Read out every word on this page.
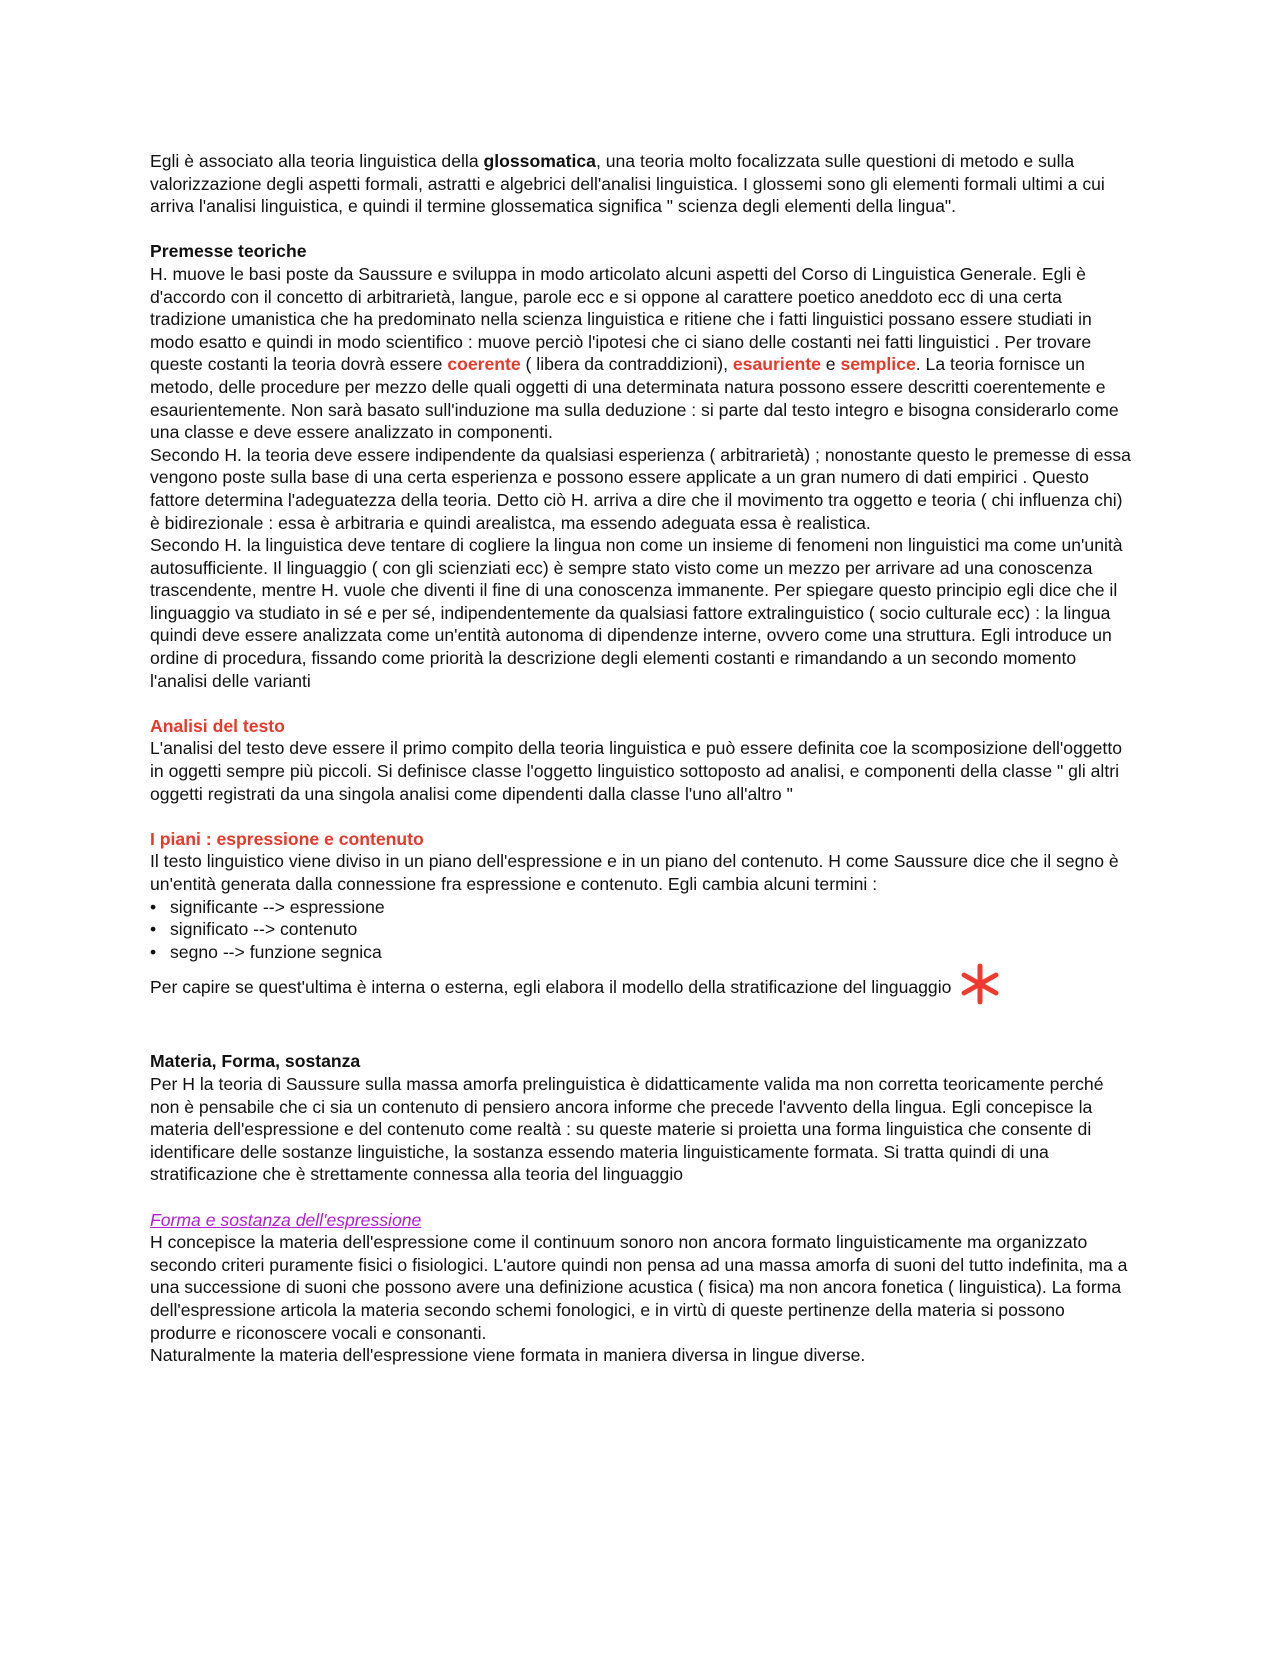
Egli è associato alla teoria linguistica della glossomatica, una teoria molto focalizzata sulle questioni di metodo e sulla valorizzazione degli aspetti formali, astratti e algebrici dell'analisi linguistica. I glossemi sono gli elementi formali ultimi a cui arriva l'analisi linguistica, e quindi il termine glossematica significa " scienza degli elementi della lingua".

Premesse teoriche

H. muove le basi poste da Saussure e sviluppa in modo articolato alcuni aspetti del Corso di Linguistica Generale. Egli è d'accordo con il concetto di arbitrarietà, langue, parole ecc e si oppone al carattere poetico aneddoto ecc di una certa tradizione umanistica che ha predominato nella scienza linguistica e ritiene che i fatti linguistici possano essere studiati in modo esatto e quindi in modo scientifico : muove perciò l'ipotesi che ci siano delle costanti nei fatti linguistici . Per trovare queste costanti la teoria dovrà essere coerente ( libera da contraddizioni), esauriente e semplice. La teoria fornisce un metodo, delle procedure per mezzo delle quali oggetti di una determinata natura possono essere descritti coerentemente e esaurientemente. Non sarà basato sull'induzione ma sulla deduzione : si parte dal testo integro e bisogna considerarlo come una classe e deve essere analizzato in componenti.

Secondo H. la teoria deve essere indipendente da qualsiasi esperienza ( arbitrarietà) ; nonostante questo le premesse di essa vengono poste sulla base di una certa esperienza e possono essere applicate a un gran numero di dati empirici . Questo fattore determina l'adeguatezza della teoria. Detto ciò H. arriva a dire che il movimento tra oggetto e teoria ( chi influenza chi) è bidirezionale : essa è arbitraria e quindi arealistca, ma essendo adeguata essa è realistica.

Secondo H. la linguistica deve tentare di cogliere la lingua non come un insieme di fenomeni non linguistici ma come un'unità autosufficiente. Il linguaggio ( con gli scienziati ecc) è sempre stato visto come un mezzo per arrivare ad una conoscenza trascendente, mentre H. vuole che diventi il fine di una conoscenza immanente. Per spiegare questo principio egli dice che il linguaggio va studiato in sé e per sé, indipendentemente da qualsiasi fattore extralinguistico ( socio culturale ecc) : la lingua quindi deve essere analizzata come un'entità autonoma di dipendenze interne, ovvero come una struttura. Egli introduce un ordine di procedura, fissando come priorità la descrizione degli elementi costanti e rimandando a un secondo momento l'analisi delle varianti

Analisi del testo

L'analisi del testo deve essere il primo compito della teoria linguistica e può essere definita coe la scomposizione dell'oggetto in oggetti sempre più piccoli. Si definisce classe l'oggetto linguistico sottoposto ad analisi, e componenti della classe " gli altri oggetti registrati da una singola analisi come dipendenti dalla classe l'uno all'altro "

I piani : espressione e contenuto

Il testo linguistico viene diviso in un piano dell'espressione e in un piano del contenuto. H come Saussure dice che il segno è un'entità generata dalla connessione fra espressione e contenuto. Egli cambia alcuni termini :

• significante --> espressione
• significato --> contenuto
• segno --> funzione segnica

Per capire se quest'ultima è interna o esterna, egli elabora il modello della stratificazione del linguaggio

Materia, Forma, sostanza

Per H la teoria di Saussure sulla massa amorfa prelinguistica è didatticamente valida ma non corretta teoricamente perché non è pensabile che ci sia un contenuto di pensiero ancora informe che precede l'avvento della lingua. Egli concepisce la materia dell'espressione e del contenuto come realtà : su queste materie si proietta una forma linguistica che consente di identificare delle sostanze linguistiche, la sostanza essendo materia linguisticamente formata. Si tratta quindi di una stratificazione che è strettamente connessa alla teoria del linguaggio

Forma e sostanza dell'espressione

H concepisce la materia dell'espressione come il continuum sonoro non ancora formato linguisticamente ma organizzato secondo criteri puramente fisici o fisiologici. L'autore quindi non pensa ad una massa amorfa di suoni del tutto indefinita, ma a una successione di suoni che possono avere una definizione acustica ( fisica) ma non ancora fonetica ( linguistica). La forma dell'espressione articola la materia secondo schemi fonologici, e in virtù di queste pertinenze della materia si possono produrre e riconoscere vocali e consonanti.

Naturalmente la materia dell'espressione viene formata in maniera diversa in lingue diverse.
